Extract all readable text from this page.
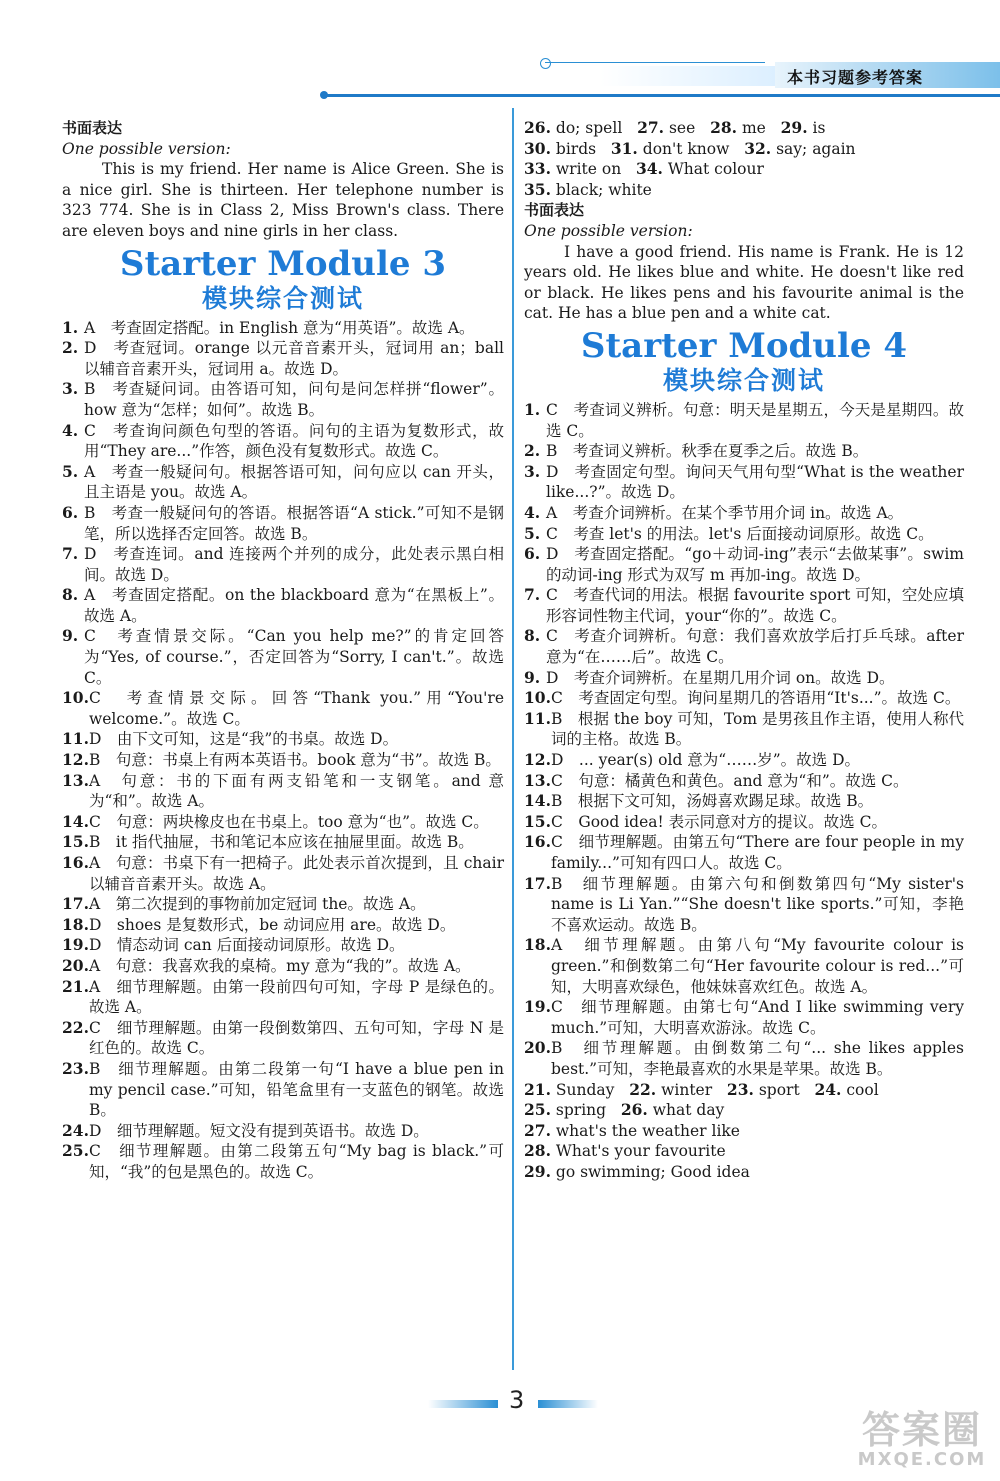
本书习题参考答案
书面表达
One possible version:
This is my friend. Her name is Alice Green. She is a nice girl. She is thirteen. Her telephone number is 323 774. She is in Class 2, Miss Brown's class. There are eleven boys and nine girls in her class.
Starter Module 3
模块综合测试
1. A　考查固定搭配。in English 意为“用英语”。故选 A。
2. D　考查冠词。orange 以元音音素开头，冠词用 an；ball 以辅音音素开头，冠词用 a。故选 D。
3. B　考查疑问词。由答语可知，问句是问怎样拼“flower”。how 意为“怎样；如何”。故选 B。
4. C　考查询问颜色句型的答语。问句的主语为复数形式，故用“They are...”作答，颜色没有复数形式。故选 C。
5. A　考查一般疑问句。根据答语可知，问句应以 can 开头，且主语是 you。故选 A。
6. B　考查一般疑问句的答语。根据答语“A stick.”可知不是钢笔，所以选择否定回答。故选 B。
7. D　考查连词。and 连接两个并列的成分，此处表示黑白相间。故选 D。
8. A　考查固定搭配。on the blackboard 意为“在黑板上”。故选 A。
9. C　考查情景交际。“Can you help me?”的肯定回答为“Yes, of course.”，否定回答为“Sorry, I can't.”。故选 C。
10. C　考查情景交际。回答“Thank you.”用“You're welcome.”。故选 C。
11. D　由下文可知，这是“我”的书桌。故选 D。
12. B　句意：书桌上有两本英语书。book 意为“书”。故选 B。
13. A　句意：书的下面有两支铅笔和一支钢笔。and 意为“和”。故选 A。
14. C　句意：两块橡皮也在书桌上。too 意为“也”。故选 C。
15. B　it 指代抽屉，书和笔记本应该在抽屉里面。故选 B。
16. A　句意：书桌下有一把椅子。此处表示首次提到，且 chair 以辅音音素开头。故选 A。
17. A　第二次提到的事物前加定冠词 the。故选 A。
18. D　shoes 是复数形式，be 动词应用 are。故选 D。
19. D　情态动词 can 后面接动词原形。故选 D。
20. A　句意：我喜欢我的桌椅。my 意为“我的”。故选 A。
21. A　细节理解题。由第一段前四句可知，字母 P 是绿色的。故选 A。
22. C　细节理解题。由第一段倒数第四、五句可知，字母 N 是红色的。故选 C。
23. B　细节理解题。由第二段第一句“I have a blue pen in my pencil case.”可知，铅笔盒里有一支蓝色的钢笔。故选 B。
24. D　细节理解题。短文没有提到英语书。故选 D。
25. C　细节理解题。由第二段第五句“My bag is black.”可知，“我”的包是黑色的。故选 C。
26. do; spell 27. see 28. me 29. is
30. birds 31. don't know 32. say; again
33. write on 34. What colour
35. black; white
书面表达
One possible version:
I have a good friend. His name is Frank. He is 12 years old. He likes blue and white. He doesn't like red or black. He likes pens and his favourite animal is the cat. He has a blue pen and a white cat.
Starter Module 4
模块综合测试
1. C　考查词义辨析。句意：明天是星期五，今天是星期四。故选 C。
2. B　考查词义辨析。秋季在夏季之后。故选 B。
3. D　考查固定句型。询问天气用句型“What is the weather like...?”。故选 D。
4. A　考查介词辨析。在某个季节用介词 in。故选 A。
5. C　考查 let's 的用法。let's 后面接动词原形。故选 C。
6. D　考查固定搭配。“go＋动词-ing”表示“去做某事”。swim 的动词-ing 形式为双写 m 再加-ing。故选 D。
7. C　考查代词的用法。根据 favourite sport 可知，空处应填形容词性物主代词，your“你的”。故选 C。
8. C　考查介词辨析。句意：我们喜欢放学后打乒乓球。after 意为“在……后”。故选 C。
9. D　考查介词辨析。在星期几用介词 on。故选 D。
10. C　考查固定句型。询问星期几的答语用“It's...”。故选 C。
11. B　根据 the boy 可知，Tom 是男孩且作主语，使用人称代词的主格。故选 B。
12. D　... year(s) old 意为“……岁”。故选 D。
13. C　句意：橘黄色和黄色。and 意为“和”。故选 C。
14. B　根据下文可知，汤姆喜欢踢足球。故选 B。
15. C　Good idea! 表示同意对方的提议。故选 C。
16. C　细节理解题。由第五句“There are four people in my family...”可知有四口人。故选 C。
17. B　细节理解题。由第六句和倒数第四句“My sister's name is Li Yan.”“She doesn't like sports.”可知，李艳不喜欢运动。故选 B。
18. A　细节理解题。由第八句“My favourite colour is green.”和倒数第二句“Her favourite colour is red...”可知，大明喜欢绿色，他妹妹喜欢红色。故选 A。
19. C　细节理解题。由第七句“And I like swimming very much.”可知，大明喜欢游泳。故选 C。
20. B　细节理解题。由倒数第二句“... she likes apples best.”可知，李艳最喜欢的水果是苹果。故选 B。
21. Sunday 22. winter 23. sport 24. cool
25. spring 26. what day
27. what's the weather like
28. What's your favourite
29. go swimming; Good idea
3
答案圈
MXQE.COM
